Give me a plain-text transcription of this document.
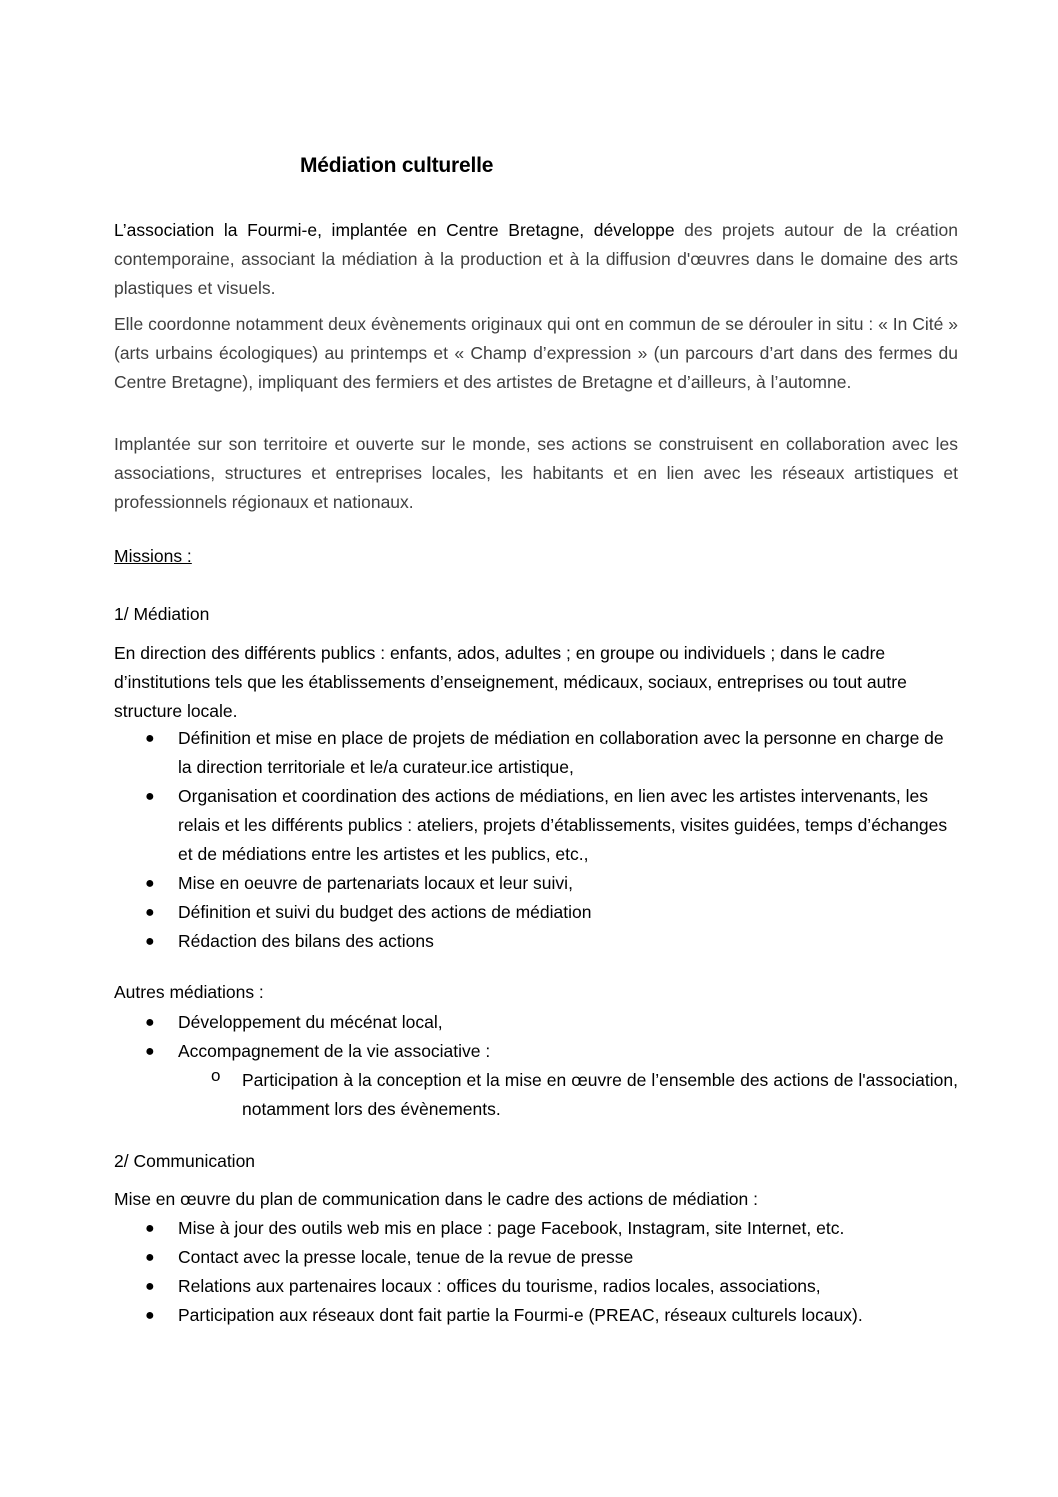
Médiation culturelle

L’association la Fourmi-e, implantée en Centre Bretagne, développe des projets autour de la création contemporaine, associant la médiation à la production et à la diffusion d'œuvres dans le domaine des arts plastiques et visuels.

Elle coordonne notamment deux évènements originaux qui ont en commun de se dérouler in situ : « In Cité » (arts urbains écologiques) au printemps et « Champ d’expression » (un parcours d’art dans des fermes du Centre Bretagne), impliquant des fermiers et des artistes de Bretagne et d’ailleurs, à l’automne.

Implantée sur son territoire et ouverte sur le monde, ses actions se construisent en collaboration avec les associations, structures et entreprises locales, les habitants et en lien avec les réseaux artistiques et professionnels régionaux et nationaux.

Missions :
1/ Médiation

En direction des différents publics : enfants, ados, adultes ; en groupe ou individuels ; dans le cadre d’institutions tels que les établissements d’enseignement, médicaux, sociaux, entreprises ou tout autre structure locale.

● Définition et mise en place de projets de médiation en collaboration avec la personne en charge de la direction territoriale et le/a curateur.ice artistique,
● Organisation et coordination des actions de médiations, en lien avec les artistes intervenants, les relais et les différents publics : ateliers, projets d’établissements, visites guidées, temps d’échanges et de médiations entre les artistes et les publics, etc.,
● Mise en oeuvre de partenariats locaux et leur suivi,
● Définition et suivi du budget des actions de médiation
● Rédaction des bilans des actions
Autres médiations :
● Développement du mécénat local,
● Accompagnement de la vie associative :
o Participation à la conception et la mise en œuvre de l’ensemble des actions de l'association, notamment lors des évènements.

2/ Communication

Mise en œuvre du plan de communication dans le cadre des actions de médiation :

● Mise à jour des outils web mis en place : page Facebook, Instagram, site Internet, etc.
● Contact avec la presse locale, tenue de la revue de presse
● Relations aux partenaires locaux : offices du tourisme, radios locales, associations,
● Participation aux réseaux dont fait partie la Fourmi-e (PREAC, réseaux culturels locaux).
